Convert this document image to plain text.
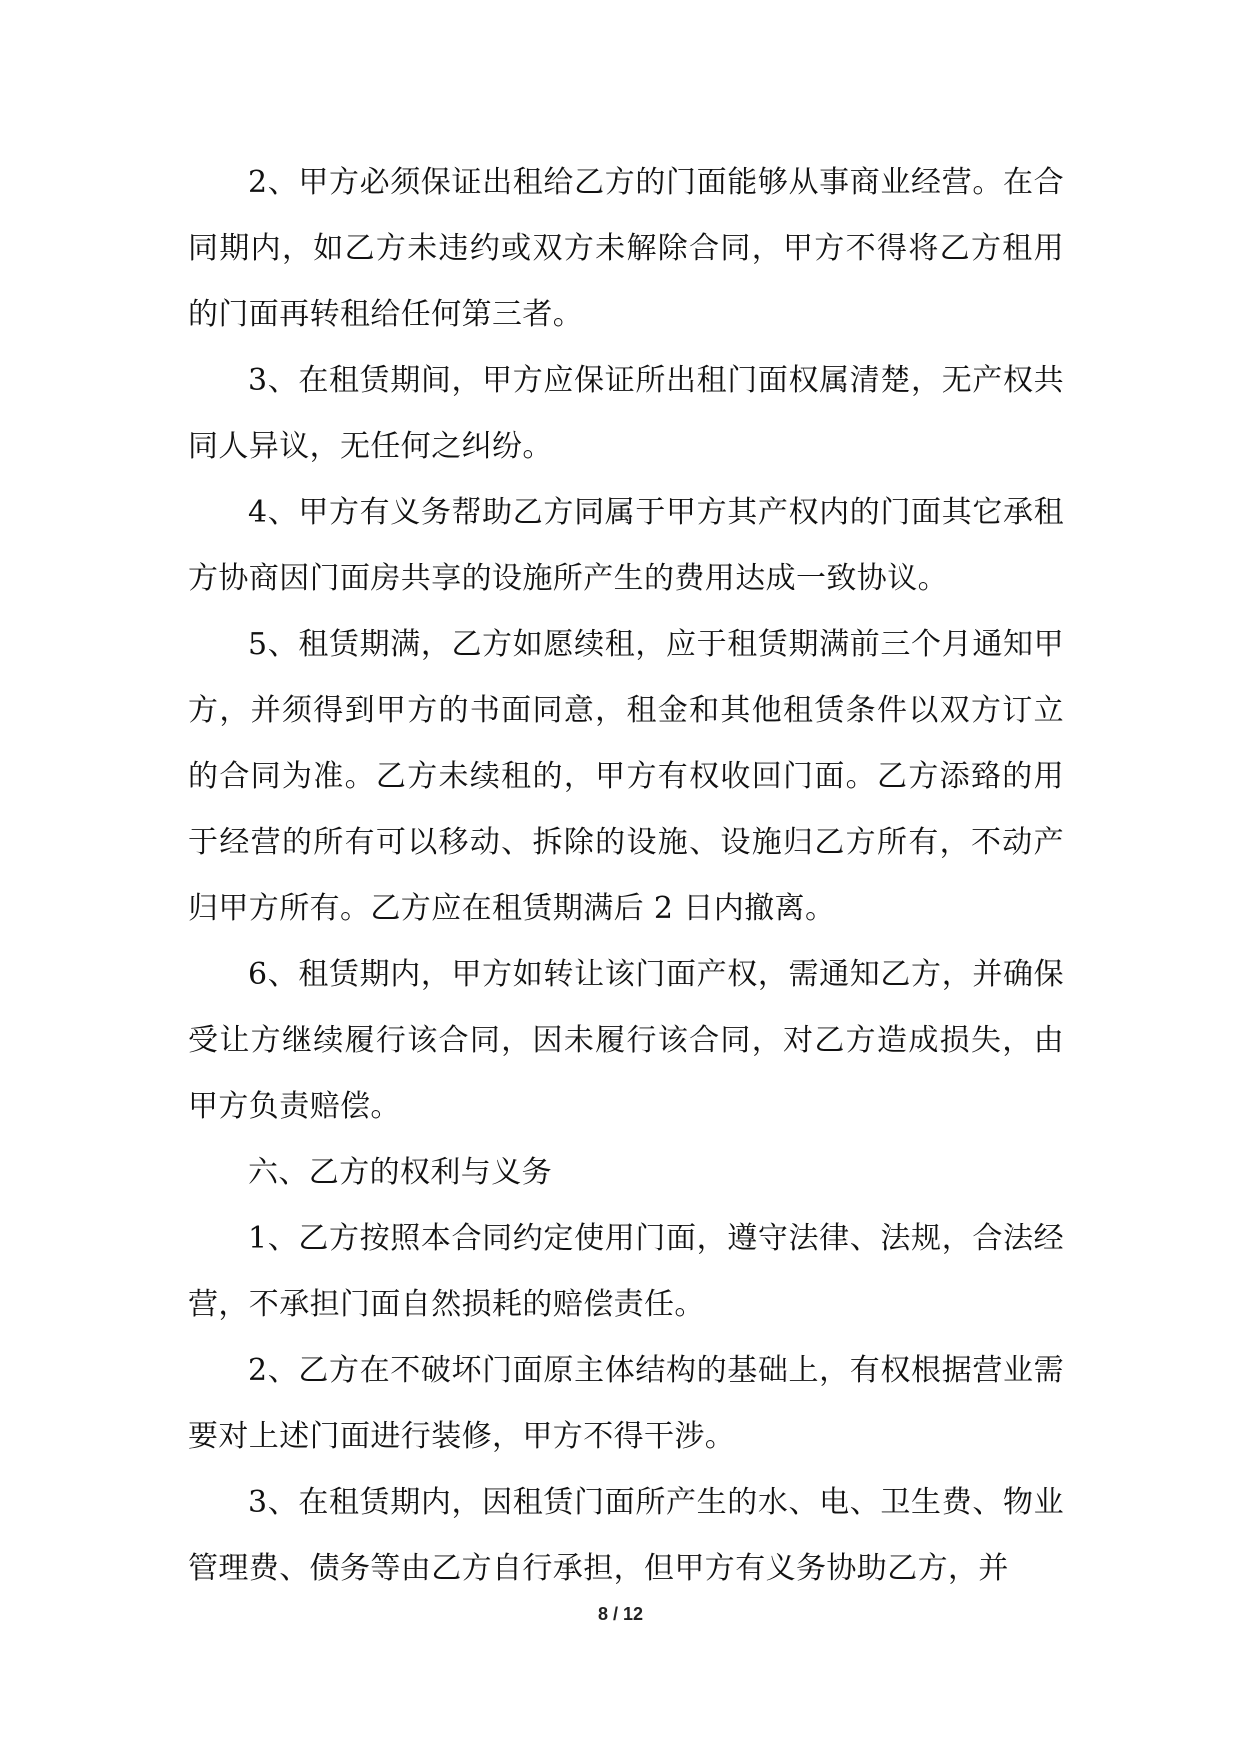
2、甲方必须保证出租给乙方的门面能够从事商业经营。在合同期内，如乙方未违约或双方未解除合同，甲方不得将乙方租用的门面再转租给任何第三者。

3、在租赁期间，甲方应保证所出租门面权属清楚，无产权共同人异议，无任何之纠纷。

4、甲方有义务帮助乙方同属于甲方其产权内的门面其它承租方协商因门面房共享的设施所产生的费用达成一致协议。

5、租赁期满，乙方如愿续租，应于租赁期满前三个月通知甲方，并须得到甲方的书面同意，租金和其他租赁条件以双方订立的合同为准。乙方未续租的，甲方有权收回门面。乙方添臵的用于经营的所有可以移动、拆除的设施、设施归乙方所有，不动产归甲方所有。乙方应在租赁期满后 2 日内撤离。

6、租赁期内，甲方如转让该门面产权，需通知乙方，并确保受让方继续履行该合同，因未履行该合同，对乙方造成损失，由甲方负责赔偿。

六、乙方的权利与义务

1、乙方按照本合同约定使用门面，遵守法律、法规，合法经营，不承担门面自然损耗的赔偿责任。

2、乙方在不破坏门面原主体结构的基础上，有权根据营业需要对上述门面进行装修，甲方不得干涉。

3、在租赁期内，因租赁门面所产生的水、电、卫生费、物业管理费、债务等由乙方自行承担，但甲方有义务协助乙方，并

8 / 12
